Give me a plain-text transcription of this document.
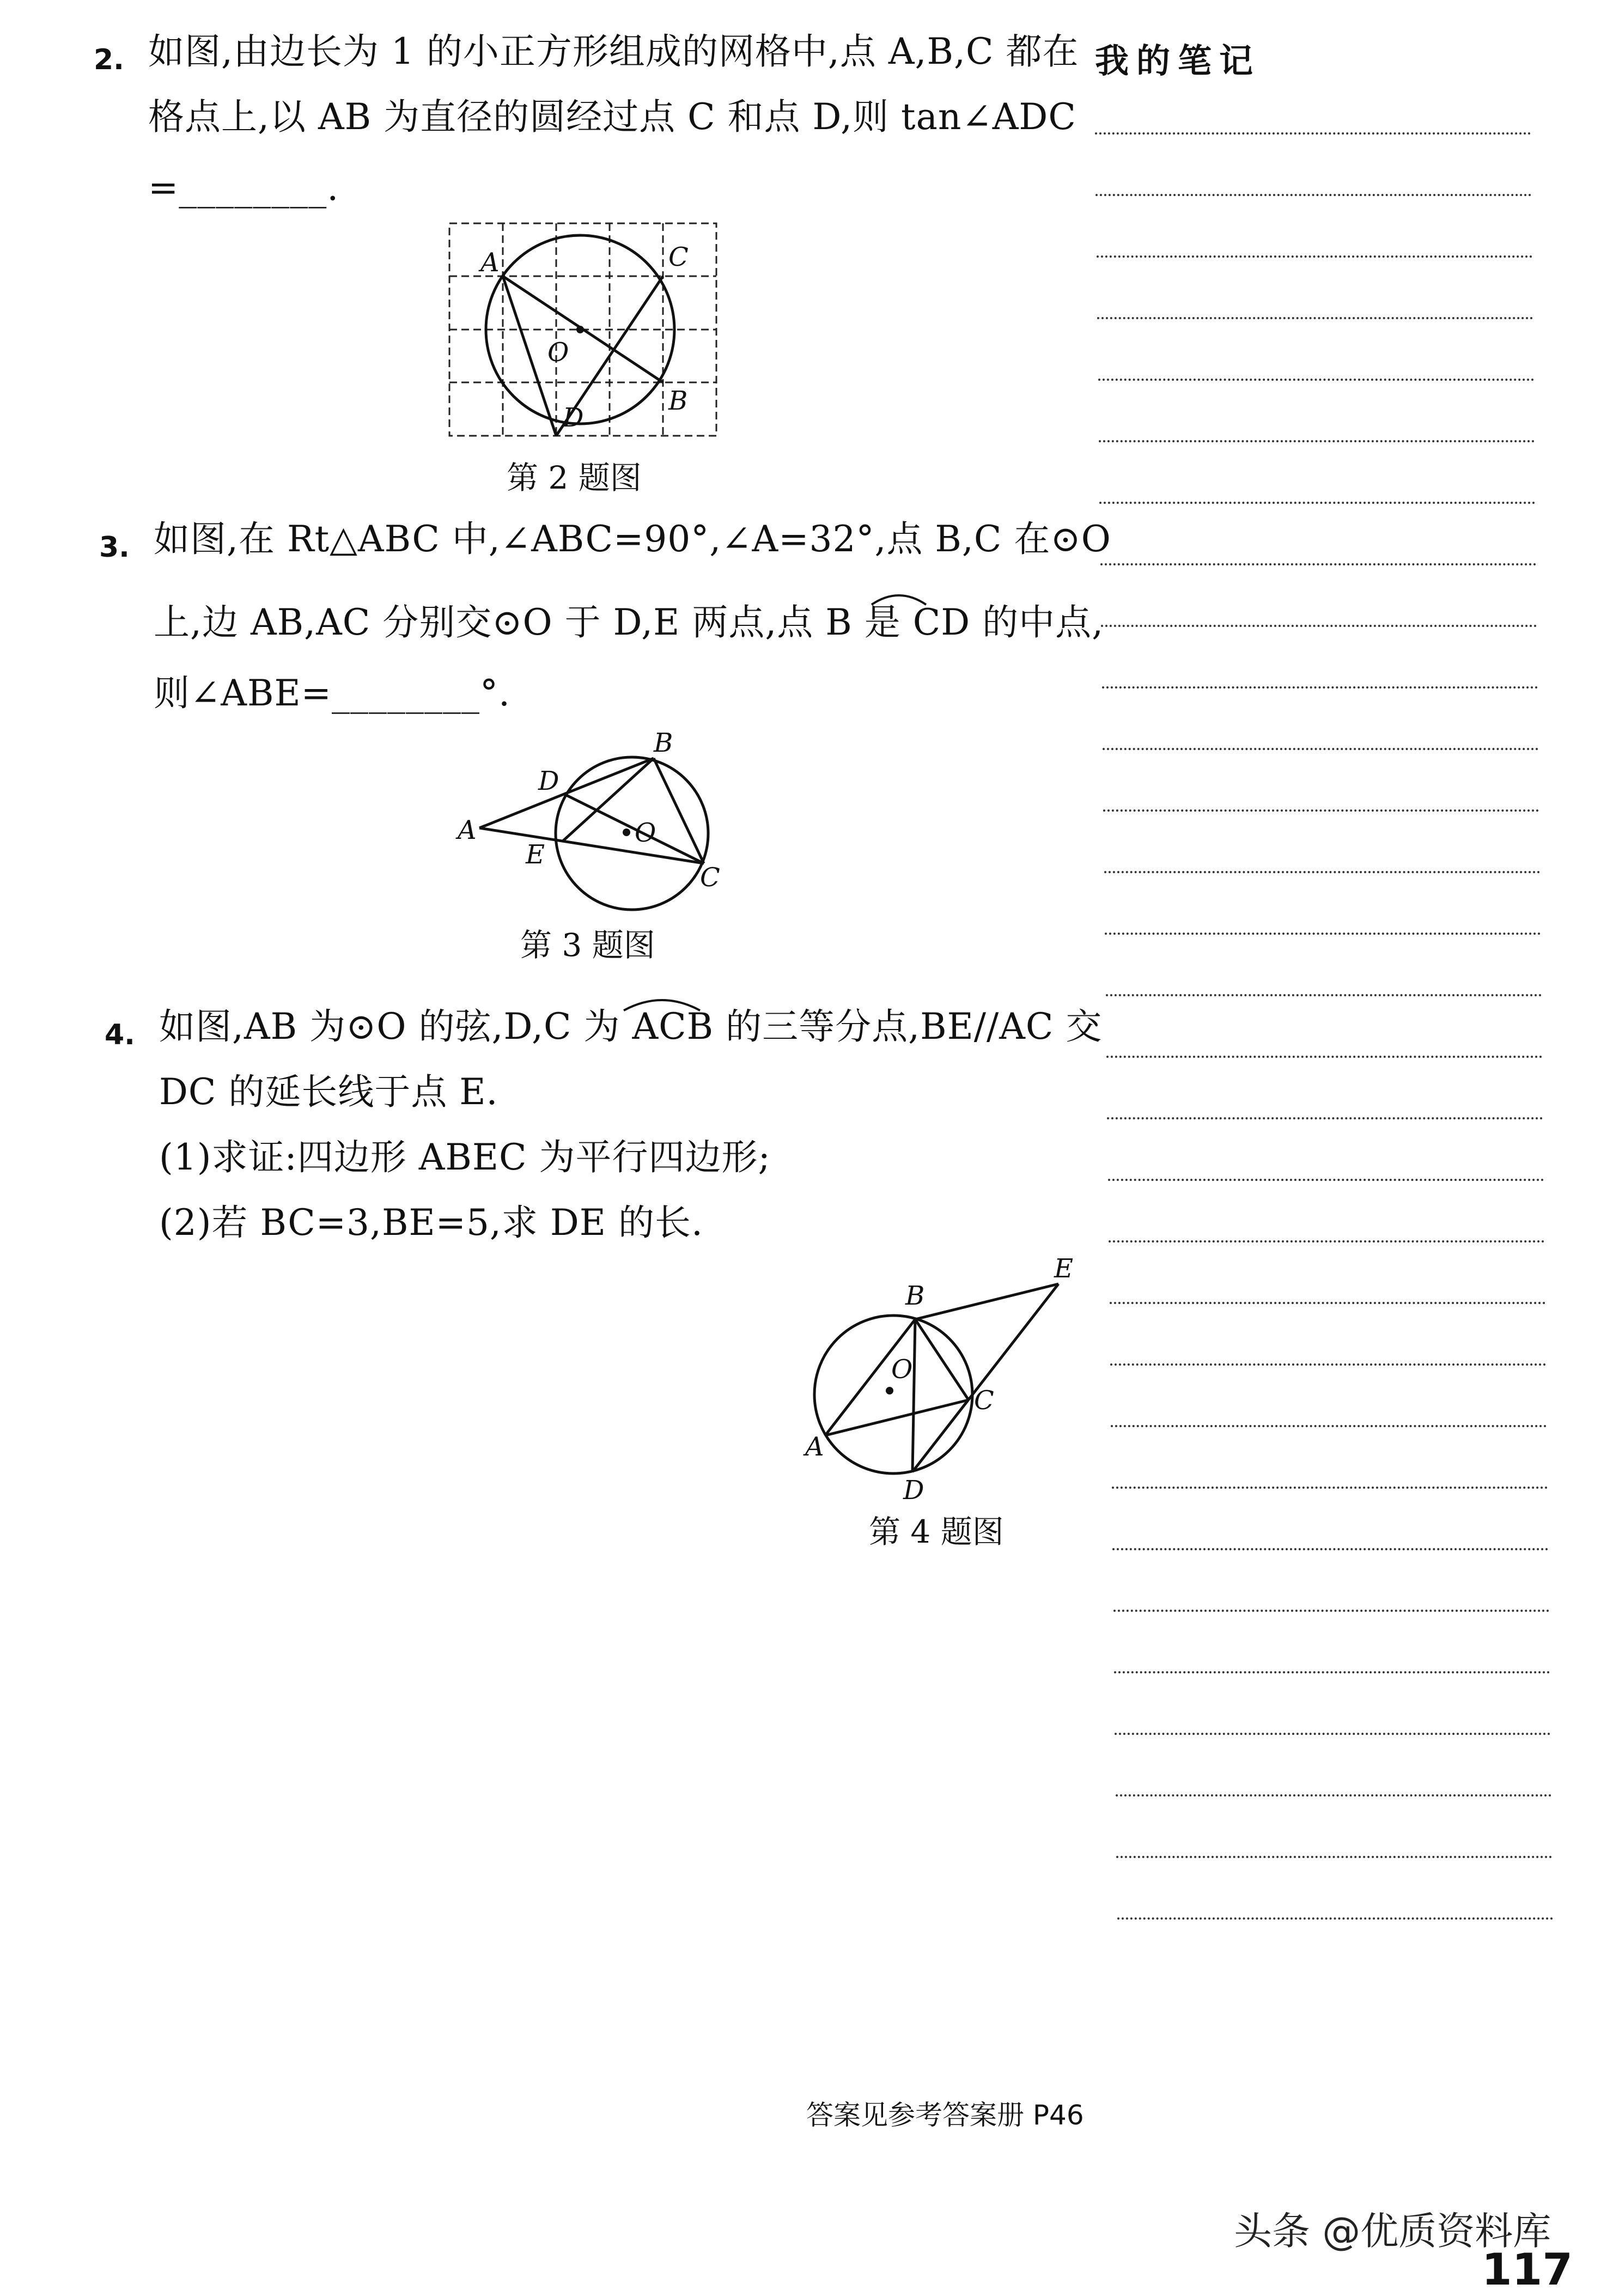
我的笔记
2. 如图,由边长为 1 的小正方形组成的网格中,点 A,B,C 都在
格点上,以 AB 为直径的圆经过点 C 和点 D,则 tan∠ADC
=________.
A	C
O
B
D
第 2 题图
3. 如图,在 Rt△ABC 中,∠ABC=90°,∠A=32°,点 B,C 在⊙O
上,边 AB,AC 分别交⊙O 于 D,E 两点,点 B 是 CD 的中点,
则∠ABE=________°.
B
D
A	O
E
C
第 3 题图
4. 如图,AB 为⊙O 的弦,D,C 为 ACB 的三等分点,BE//AC 交
DC 的延长线于点 E.
(1)求证:四边形 ABEC 为平行四边形;
(2)若 BC=3,BE=5,求 DE 的长.
E
B
O
C
A
D
第 4 题图
答案见参考答案册 P46
头条 @优质资料库
117
